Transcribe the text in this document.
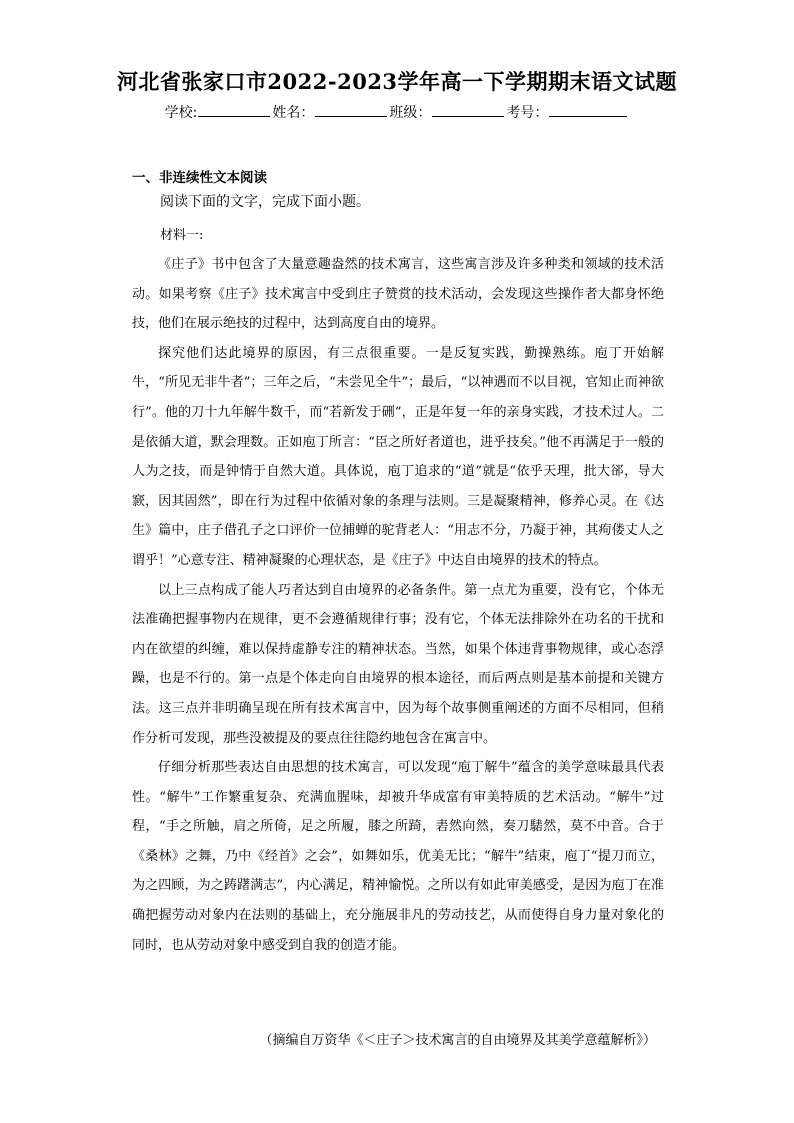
河北省张家口市2022-2023学年高一下学期期末语文试题
学校:	姓名：	班级：	考号：
一、非连续性文本阅读
阅读下面的文字，完成下面小题。
材料一:

《庄子》书中包含了大量意趣盎然的技术寓言，这些寓言涉及许多种类和领域的技术活动。如果考察《庄子》技术寓言中受到庄子赞赏的技术活动，会发现这些操作者大都身怀绝技，他们在展示绝技的过程中，达到高度自由的境界。

探究他们达此境界的原因，有三点很重要。一是反复实践，勤操熟练。庖丁开始解牛，“所见无非牛者”；三年之后，“未尝见全牛”；最后，“以神遇而不以目视，官知止而神欲行”。他的刀十九年解牛数千，而“若新发于硎”，正是年复一年的亲身实践，才技术过人。二是依循大道，默会理数。正如庖丁所言：“臣之所好者道也，进乎技矣。”他不再满足于一般的人为之技，而是钟情于自然大道。具体说，庖丁追求的“道”就是“依乎天理，批大郤，导大窾，因其固然”，即在行为过程中依循对象的条理与法则。三是凝聚精神，修养心灵。在《达生》篇中，庄子借孔子之口评价一位捕蝉的驼背老人：“用志不分，乃凝于神，其痀偻丈人之谓乎！”心意专注、精神凝聚的心理状态，是《庄子》中达自由境界的技术的特点。

以上三点构成了能人巧者达到自由境界的必备条件。第一点尤为重要，没有它，个体无法准确把握事物内在规律，更不会遵循规律行事；没有它，个体无法排除外在功名的干扰和内在欲望的纠缠，难以保持虚静专注的精神状态。当然，如果个体违背事物规律，或心态浮躁，也是不行的。第一点是个体走向自由境界的根本途径，而后两点则是基本前提和关键方法。这三点并非明确呈现在所有技术寓言中，因为每个故事侧重阐述的方面不尽相同，但稍作分析可发现，那些没被提及的要点往往隐约地包含在寓言中。

仔细分析那些表达自由思想的技术寓言，可以发现“庖丁解牛”蕴含的美学意味最具代表性。“解牛”工作繁重复杂、充满血腥味，却被升华成富有审美特质的艺术活动。“解牛”过程，“手之所触，肩之所倚，足之所履，膝之所踦，砉然向然，奏刀騞然，莫不中音。合于《桑林》之舞，乃中《经首》之会”，如舞如乐，优美无比；“解牛”结束，庖丁“提刀而立，为之四顾，为之踌躇满志”，内心满足，精神愉悦。之所以有如此审美感受，是因为庖丁在准确把握劳动对象内在法则的基础上，充分施展非凡的劳动技艺，从而使得自身力量对象化的同时，也从劳动对象中感受到自我的创造才能。

（摘编自万资华《＜庄子＞技术寓言的自由境界及其美学意蕴解析》）
